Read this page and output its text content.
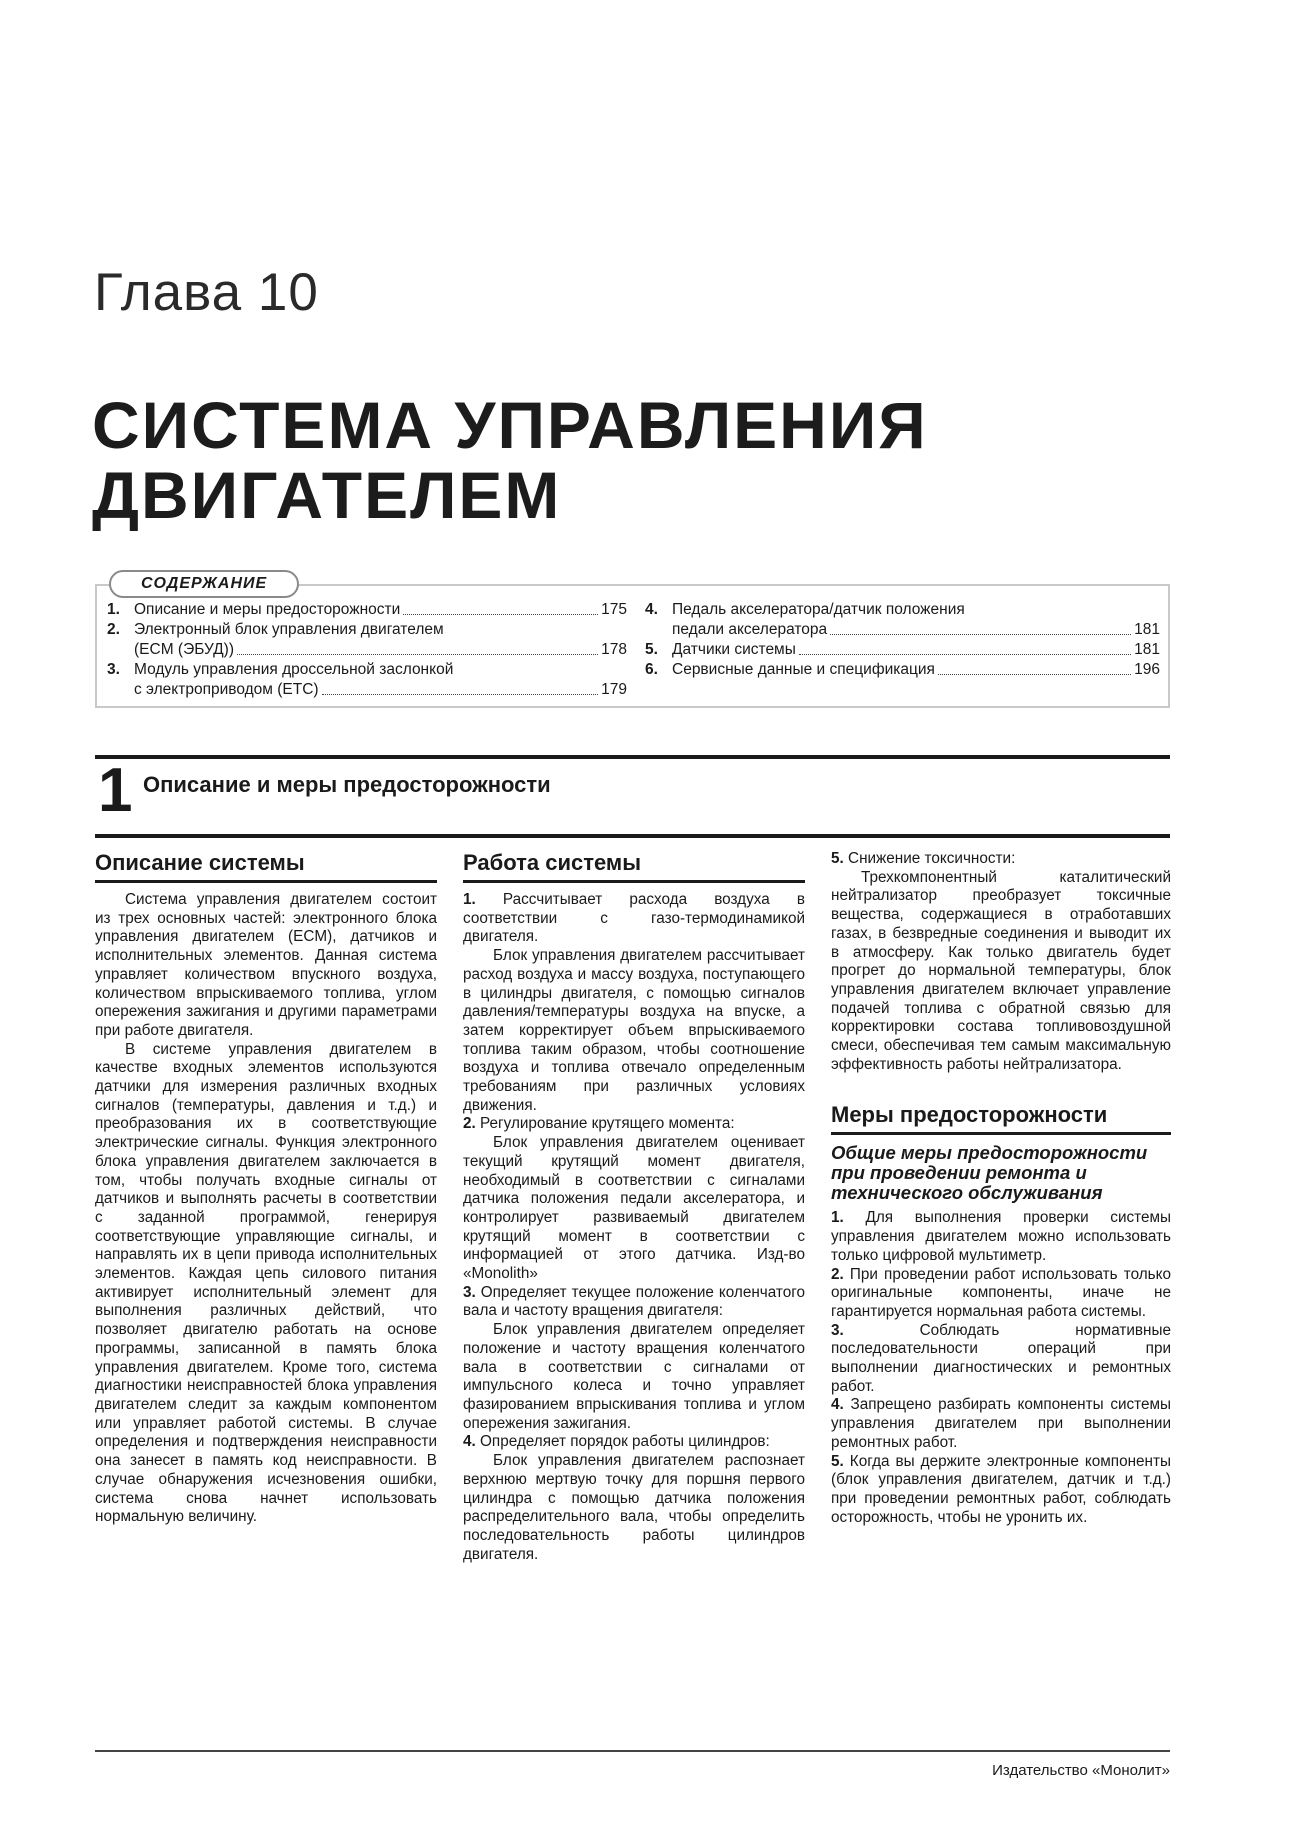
Глава 10
СИСТЕМА УПРАВЛЕНИЯ
ДВИГАТЕЛЕМ
СОДЕРЖАНИЕ
1. Описание и меры предосторожности	175
2. Электронный блок управления двигателем
(ECM (ЭБУД))	178
3. Модуль управления дроссельной заслонкой
с электроприводом (ETC)	179
4. Педаль акселератора/датчик положения
педали акселератора	181
5. Датчики системы	181
6. Сервисные данные и спецификация	196
1 Описание и меры предосторожности
Описание системы

Система управления двигателем состоит из трех основных частей: электронного блока управления двигателем (ECM), датчиков и исполнительных элементов. Данная система управляет количеством впускного воздуха, количеством впрыскиваемого топлива, углом опережения зажигания и другими параметрами при работе двигателя.

В системе управления двигателем в качестве входных элементов используются датчики для измерения различных входных сигналов (температуры, давления и т.д.) и преобразования их в соответствующие электрические сигналы. Функция электронного блока управления двигателем заключается в том, чтобы получать входные сигналы от датчиков и выполнять расчеты в соответствии с заданной программой, генерируя соответствующие управляющие сигналы, и направлять их в цепи привода исполнительных элементов. Каждая цепь силового питания активирует исполнительный элемент для выполнения различных действий, что позволяет двигателю работать на основе программы, записанной в память блока управления двигателем. Кроме того, система диагностики неисправностей блока управления двигателем следит за каждым компонентом или управляет работой системы. В случае определения и подтверждения неисправности она занесет в память код неисправности. В случае обнаружения исчезновения ошибки, система снова начнет использовать нормальную величину.

Работа системы

1. Рассчитывает расхода воздуха в соответствии с газо-термодинамикой двигателя.

Блок управления двигателем рассчитывает расход воздуха и массу воздуха, поступающего в цилиндры двигателя, с помощью сигналов давления/температуры воздуха на впуске, а затем корректирует объем впрыскиваемого топлива таким образом, чтобы соотношение воздуха и топлива отвечало определенным требованиям при различных условиях движения.

2. Регулирование крутящего момента:

Блок управления двигателем оценивает текущий крутящий момент двигателя, необходимый в соответствии с сигналами датчика положения педали акселератора, и контролирует развиваемый двигателем крутящий момент в соответствии с информацией от этого датчика. Изд-во «Monolith»

3. Определяет текущее положение коленчатого вала и частоту вращения двигателя:

Блок управления двигателем определяет положение и частоту вращения коленчатого вала в соответствии с сигналами от импульсного колеса и точно управляет фазированием впрыскивания топлива и углом опережения зажигания.

4. Определяет порядок работы цилиндров:

Блок управления двигателем распознает верхнюю мертвую точку для поршня первого цилиндра с помощью датчика положения распределительного вала, чтобы определить последовательность работы цилиндров двигателя.

5. Снижение токсичности:

Трехкомпонентный каталитический нейтрализатор преобразует токсичные вещества, содержащиеся в отработавших газах, в безвредные соединения и выводит их в атмосферу. Как только двигатель будет прогрет до нормальной температуры, блок управления двигателем включает управление подачей топлива с обратной связью для корректировки состава топливовоздушной смеси, обеспечивая тем самым максимальную эффективность работы нейтрализатора.

Меры предосторожности
Общие меры предосторожности при проведении ремонта и технического обслуживания

1. Для выполнения проверки системы управления двигателем можно использовать только цифровой мультиметр.

2. При проведении работ использовать только оригинальные компоненты, иначе не гарантируется нормальная работа системы.

3.	Соблюдать нормативные последовательности операций при выполнении диагностических и ремонтных работ.

4. Запрещено разбирать компоненты системы управления двигателем при выполнении ремонтных работ.

5. Когда вы держите электронные компоненты (блок управления двигателем, датчик и т.д.) при проведении ремонтных работ, соблюдать осторожность, чтобы не уронить их.

Издательство «Монолит»
